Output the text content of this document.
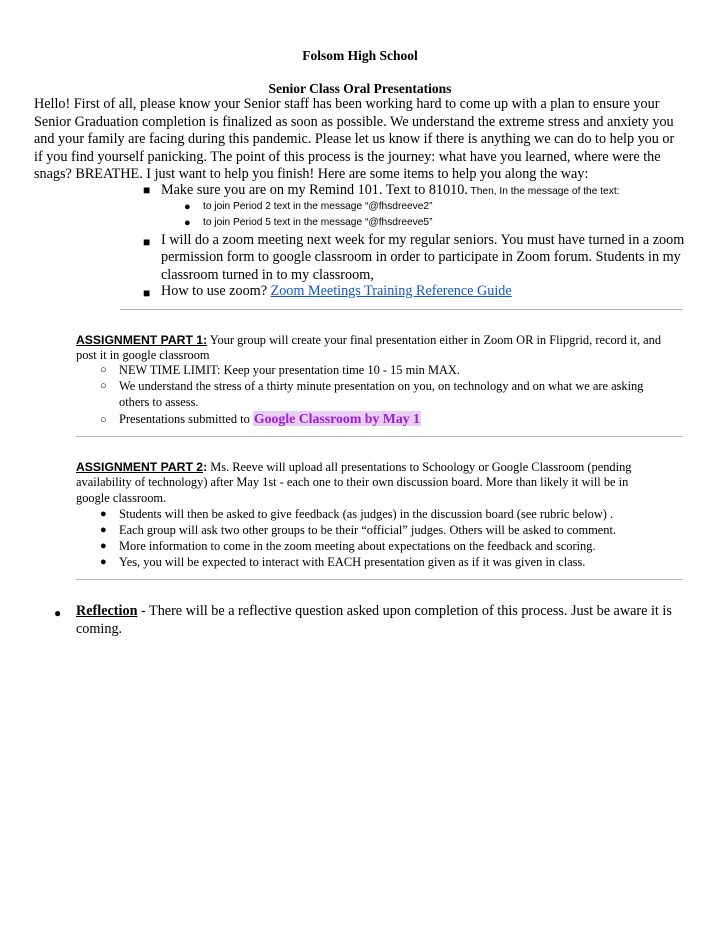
Folsom High School
Senior Class Oral Presentations
Hello! First of all, please know your Senior staff has been working hard to come up with a plan to ensure your
Senior Graduation completion is finalized as soon as possible. We understand the extreme stress and anxiety you
and your family are facing during this pandemic. Please let us know if there is anything we can do to help you or
if you find yourself panicking. The point of this process is the journey: what have you learned, where were the
snags? BREATHE. I just want to help you finish! Here are some items to help you along the way:
■ Make sure you are on my Remind 101. Text to 81010. Then, In the message of the text:
● to join Period 2 text in the message “@fhsdreeve2”
● to join Period 5 text in the message “@fhsdreeve5”
■ I will do a zoom meeting next week for my regular seniors. You must have turned in a zoom
permission form to google classroom in order to participate in Zoom forum. Students in my
classroom turned in to my classroom,
■ How to use zoom? Zoom Meetings Training Reference Guide
ASSIGNMENT PART 1: Your group will create your final presentation either in Zoom OR in Flipgrid, record it, and
post it in google classroom
○ NEW TIME LIMIT: Keep your presentation time 10 - 15 min MAX.
○ We understand the stress of a thirty minute presentation on you, on technology and on what we are asking
others to assess.
○ Presentations submitted to Google Classroom by May 1
ASSIGNMENT PART 2: Ms. Reeve will upload all presentations to Schoology or Google Classroom (pending
availability of technology) after May 1st - each one to their own discussion board. More than likely it will be in
google classroom.
● Students will then be asked to give feedback (as judges) in the discussion board (see rubric below) .
● Each group will ask two other groups to be their “official” judges. Others will be asked to comment.
● More information to come in the zoom meeting about expectations on the feedback and scoring.
● Yes, you will be expected to interact with EACH presentation given as if it was given in class.
● Reflection - There will be a reflective question asked upon completion of this process. Just be aware it is
coming.
